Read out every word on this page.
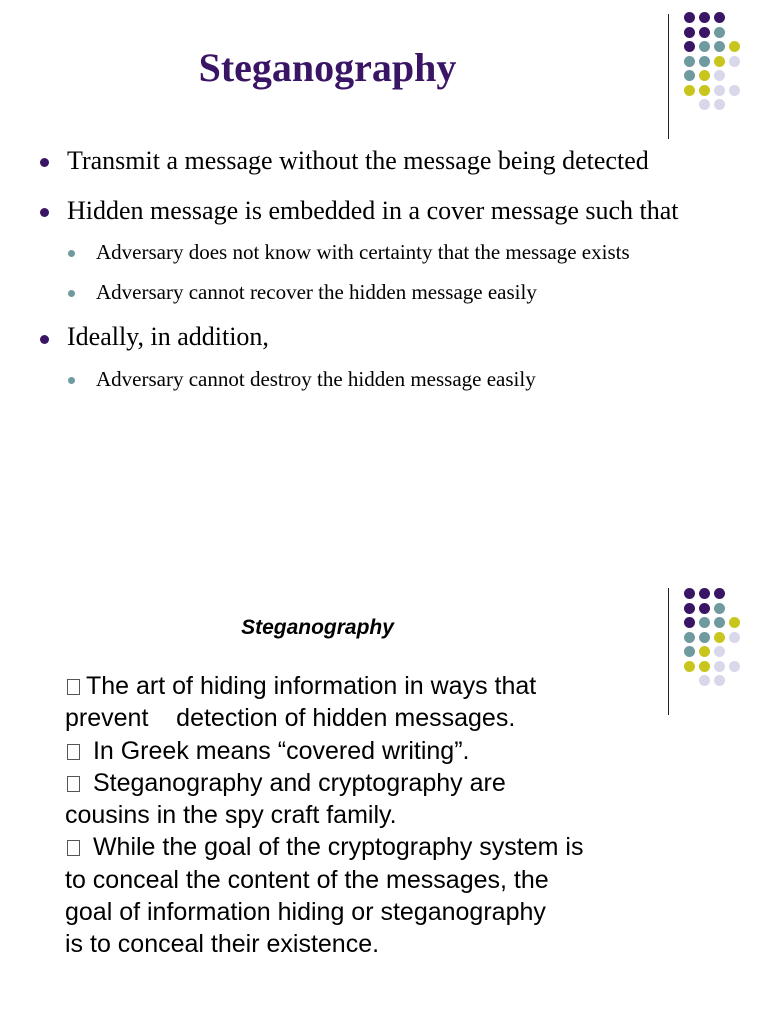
Steganography
Transmit a message without the message being detected
Hidden message is embedded in a cover message such that
Adversary does not know with certainty that the message exists
Adversary cannot recover the hidden message easily
Ideally, in addition,
Adversary cannot destroy the hidden message easily
Steganography
The art of hiding information in ways that
prevent    detection of hidden messages.
In Greek means “covered writing”.
Steganography and cryptography are
cousins in the spy craft family.
While the goal of the cryptography system is
to conceal the content of the messages, the
goal of information hiding or steganography
is to conceal their existence.
